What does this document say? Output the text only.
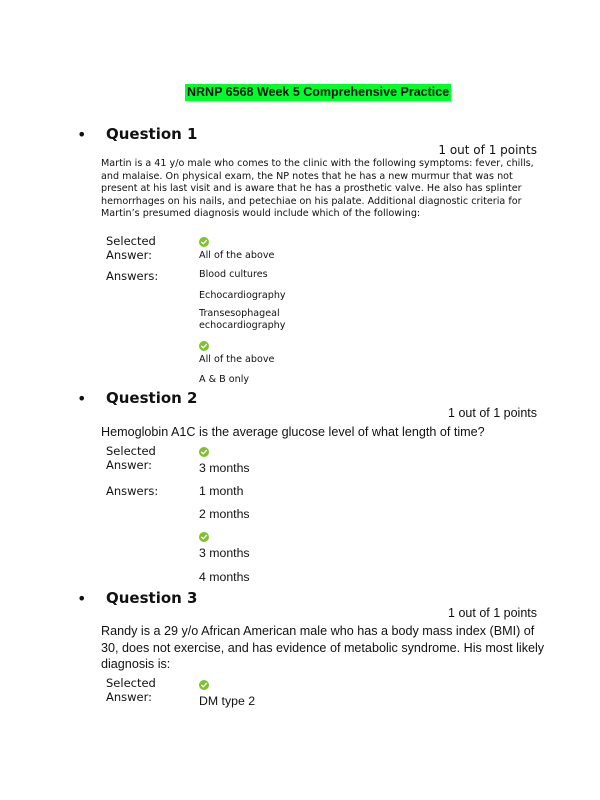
NRNP 6568 Week 5 Comprehensive Practice
• Question 1
1 out of 1 points
Martin is a 41 y/o male who comes to the clinic with the following symptoms: fever, chills, and malaise. On physical exam, the NP notes that he has a new murmur that was not present at his last visit and is aware that he has a prosthetic valve. He also has splinter hemorrhages on his nails, and petechiae on his palate. Additional diagnostic criteria for Martin’s presumed diagnosis would include which of the following:
Selected
Answer:	All of the above
Answers:	Blood cultures
Echocardiography
Transesophageal echocardiography
All of the above
A & B only
• Question 2
1 out of 1 points
Hemoglobin A1C is the average glucose level of what length of time?
Selected
Answer:	3 months
Answers:	1 month
2 months
3 months
4 months
• Question 3
1 out of 1 points
Randy is a 29 y/o African American male who has a body mass index (BMI) of 30, does not exercise, and has evidence of metabolic syndrome. His most likely diagnosis is:
Selected
Answer:	DM type 2
